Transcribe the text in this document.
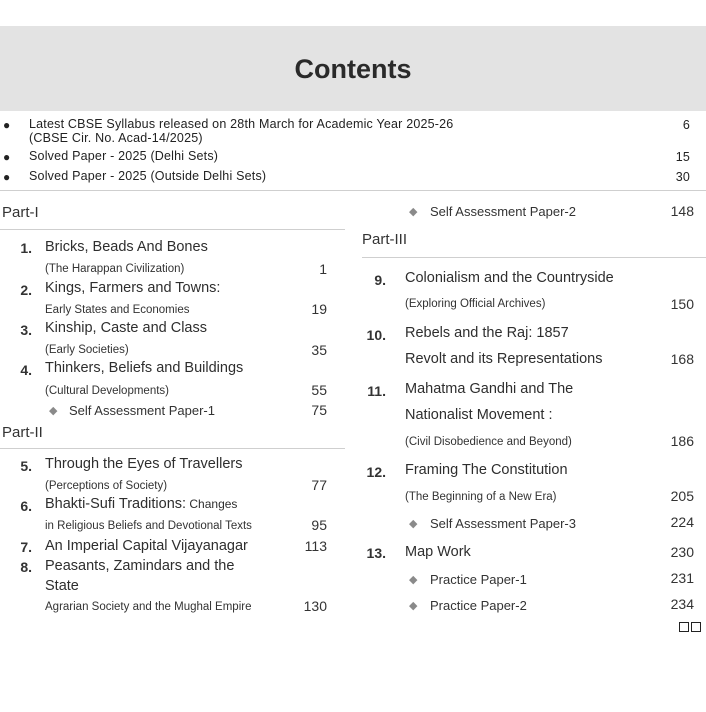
Contents
● Latest CBSE Syllabus released on 28th March for Academic Year 2025-26
(CBSE Cir. No. Acad-14/2025)
6
● Solved Paper - 2025 (Delhi Sets)	15
● Solved Paper - 2025 (Outside Delhi Sets)	30
Part-I
1. Bricks, Beads And Bones
(The Harappan Civilization)	1
2. Kings, Farmers and Towns:
Early States and Economies	19
3. Kinship, Caste and Class
(Early Societies)	35
4. Thinkers, Beliefs and Buildings
(Cultural Developments)	55
◆ Self Assessment Paper-1	75
Part-II
5. Through the Eyes of Travellers
(Perceptions of Society)	77
6. Bhakti-Sufi Traditions: Changes
in Religious Beliefs and Devotional Texts	95
7. An Imperial Capital Vijayanagar	113
8. Peasants, Zamindars and the
State
Agrarian Society and the Mughal Empire	130
◆ Self Assessment Paper-2	148
Part-III
9. Colonialism and the Countryside
(Exploring Official Archives)	150
10. Rebels and the Raj: 1857
Revolt and its Representations	168
11. Mahatma Gandhi and The
Nationalist Movement :
(Civil Disobedience and Beyond)	186
12. Framing The Constitution
(The Beginning of a New Era)	205
◆ Self Assessment Paper-3	224
13. Map Work	230
◆ Practice Paper-1	231
◆ Practice Paper-2	234
